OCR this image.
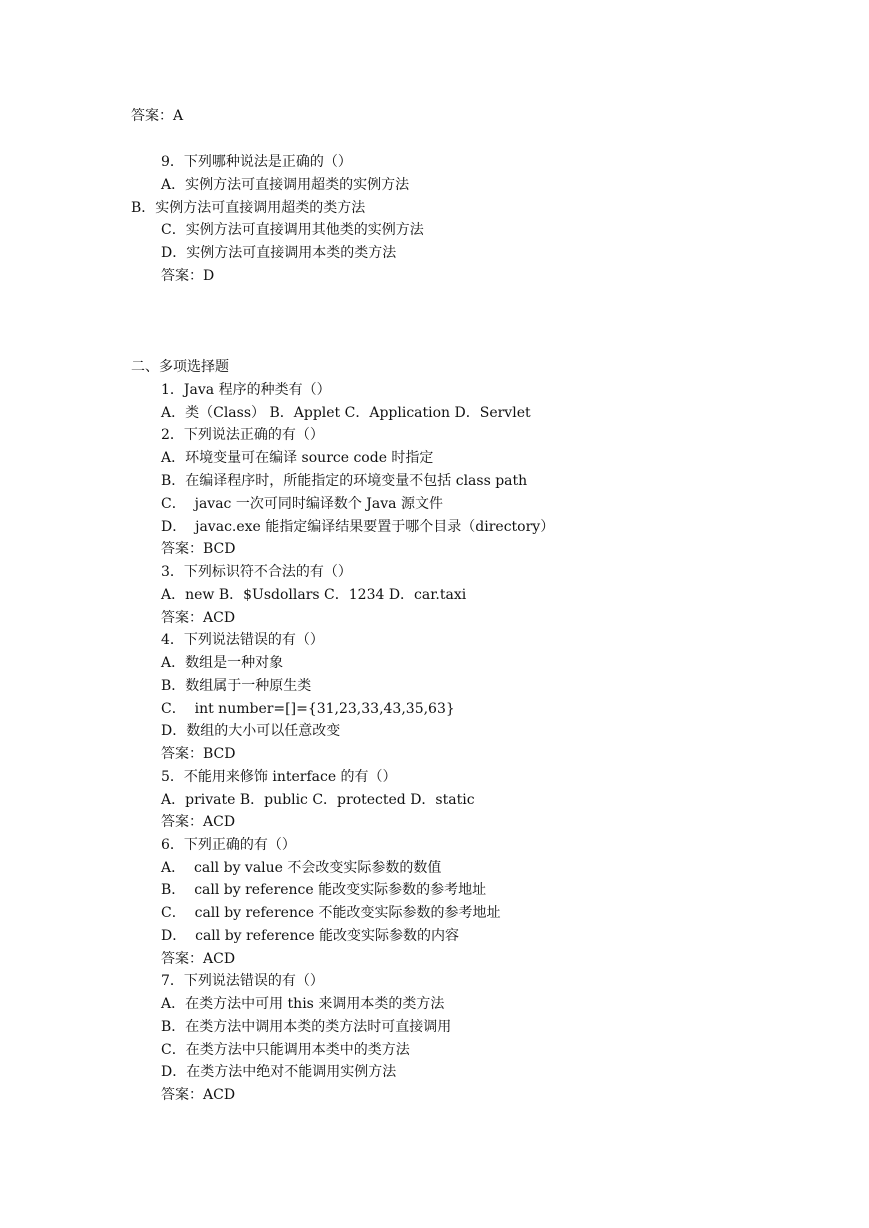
答案：A
9．下列哪种说法是正确的（）
A．实例方法可直接调用超类的实例方法
B．实例方法可直接调用超类的类方法
C．实例方法可直接调用其他类的实例方法
D．实例方法可直接调用本类的类方法
答案：D
二、多项选择题
1．Java 程序的种类有（）
A．类（Class） B．Applet C．Application D．Servlet
2．下列说法正确的有（）
A．环境变量可在编译 source code 时指定
B．在编译程序时，所能指定的环境变量不包括 class path
C．  javac 一次可同时编译数个 Java 源文件
D．  javac.exe 能指定编译结果要置于哪个目录（directory）
答案：BCD
3．下列标识符不合法的有（）
A．new B．$Usdollars C．1234 D．car.taxi
答案：ACD
4．下列说法错误的有（）
A．数组是一种对象
B．数组属于一种原生类
C．  int number=[]={31,23,33,43,35,63}
D．数组的大小可以任意改变
答案：BCD
5．不能用来修饰 interface 的有（）
A．private B．public C．protected D．static
答案：ACD
6．下列正确的有（）
A．  call by value 不会改变实际参数的数值
B．  call by reference 能改变实际参数的参考地址
C．  call by reference 不能改变实际参数的参考地址
D．  call by reference 能改变实际参数的内容
答案：ACD
7．下列说法错误的有（）
A．在类方法中可用 this 来调用本类的类方法
B．在类方法中调用本类的类方法时可直接调用
C．在类方法中只能调用本类中的类方法
D．在类方法中绝对不能调用实例方法
答案：ACD
